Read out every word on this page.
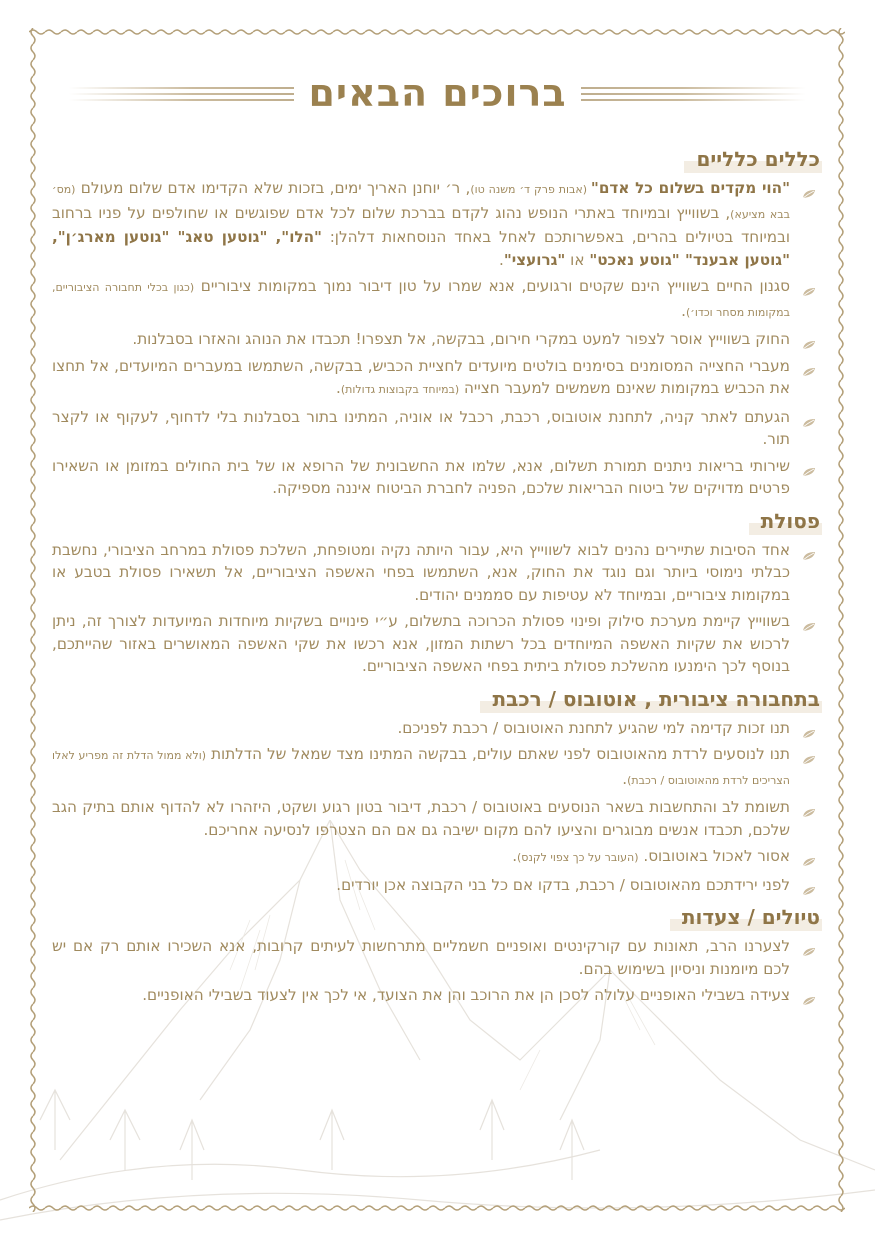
ברוכים הבאים
כללים כלליים
"הוי מקדים בשלום כל אדם" (אבות פרק ד׳ משנה טו), ר׳ יוחנן האריך ימים, בזכות שלא הקדימו אדם שלום מעולם (מס׳ בבא מציעא), בשווייץ ובמיוחד באתרי הנופש נהוג לקדם בברכת שלום לכל אדם שפוגשים או שחולפים על פניו ברחוב ובמיוחד בטיולים בהרים, באפשרותכם לאחל באחד הנוסחאות דלהלן: "הלו", "גוטען טאג" "גוטען מארג׳ן", "גוטען אבענד" "גוטע נאכט" או "גרועצי".
סגנון החיים בשווייץ הינם שקטים ורגועים, אנא שמרו על טון דיבור נמוך במקומות ציבוריים (כגון בכלי תחבורה הציבוריים, במקומות מסחר וכדו׳).
החוק בשווייץ אוסר לצפור למעט במקרי חירום, בבקשה, אל תצפרו! תכבדו את הנוהג והאזרו בסבלנות.
מעברי החצייה המסומנים בסימנים בולטים מיועדים לחציית הכביש, בבקשה, השתמשו במעברים המיועדים, אל תחצו את הכביש במקומות שאינם משמשים למעבר חצייה (במיוחד בקבוצות גדולות).
הגעתם לאתר קניה, לתחנת אוטובוס, רכבת, רכבל או אוניה, המתינו בתור בסבלנות בלי לדחוף, לעקוף או לקצר תור.
שירותי בריאות ניתנים תמורת תשלום, אנא, שלמו את החשבונית של הרופא או של בית החולים במזומן או השאירו פרטים מדויקים של ביטוח הבריאות שלכם, הפניה לחברת הביטוח איננה מספיקה.
פסולת
אחד הסיבות שתיירים נהנים לבוא לשווייץ היא, עבור היותה נקיה ומטופחת, השלכת פסולת במרחב הציבורי, נחשבת כבלתי נימוסי ביותר וגם נוגד את החוק, אנא, השתמשו בפחי האשפה הציבוריים, אל תשאירו פסולת בטבע או במקומות ציבוריים, ובמיוחד לא עטיפות עם סממנים יהודים.
בשווייץ קיימת מערכת סילוק ופינוי פסולת הכרוכה בתשלום, ע״י פינויים בשקיות מיוחדות המיועדות לצורך זה, ניתן לרכוש את שקיות האשפה המיוחדים בכל רשתות המזון, אנא רכשו את שקי האשפה המאושרים באזור שהייתכם, בנוסף לכך הימנעו מהשלכת פסולת ביתית בפחי האשפה הציבוריים.
בתחבורה ציבורית , אוטובוס / רכבת
תנו זכות קדימה למי שהגיע לתחנת האוטובוס / רכבת לפניכם.
תנו לנוסעים לרדת מהאוטובוס לפני שאתם עולים, בבקשה המתינו מצד שמאל של הדלתות (ולא ממול הדלת זה מפריע לאלו הצריכים לרדת מהאוטובוס / רכבת).
תשומת לב והתחשבות בשאר הנוסעים באוטובוס / רכבת, דיבור בטון רגוע ושקט, היזהרו לא להדוף אותם בתיק הגב שלכם, תכבדו אנשים מבוגרים והציעו להם מקום ישיבה גם אם הם הצטרפו לנסיעה אחריכם.
אסור לאכול באוטובוס. (העובר על כך צפוי לקנס).
לפני ירידתכם מהאוטובוס / רכבת, בדקו אם כל בני הקבוצה אכן יורדים.
טיולים / צעדות
לצערנו הרב, תאונות עם קורקינטים ואופניים חשמליים מתרחשות לעיתים קרובות, אנא השכירו אותם רק אם יש לכם מיומנות וניסיון בשימוש בהם.
צעידה בשבילי האופניים עלולה לסכן הן את הרוכב והן את הצועד, אי לכך אין לצעוד בשבילי האופניים.
